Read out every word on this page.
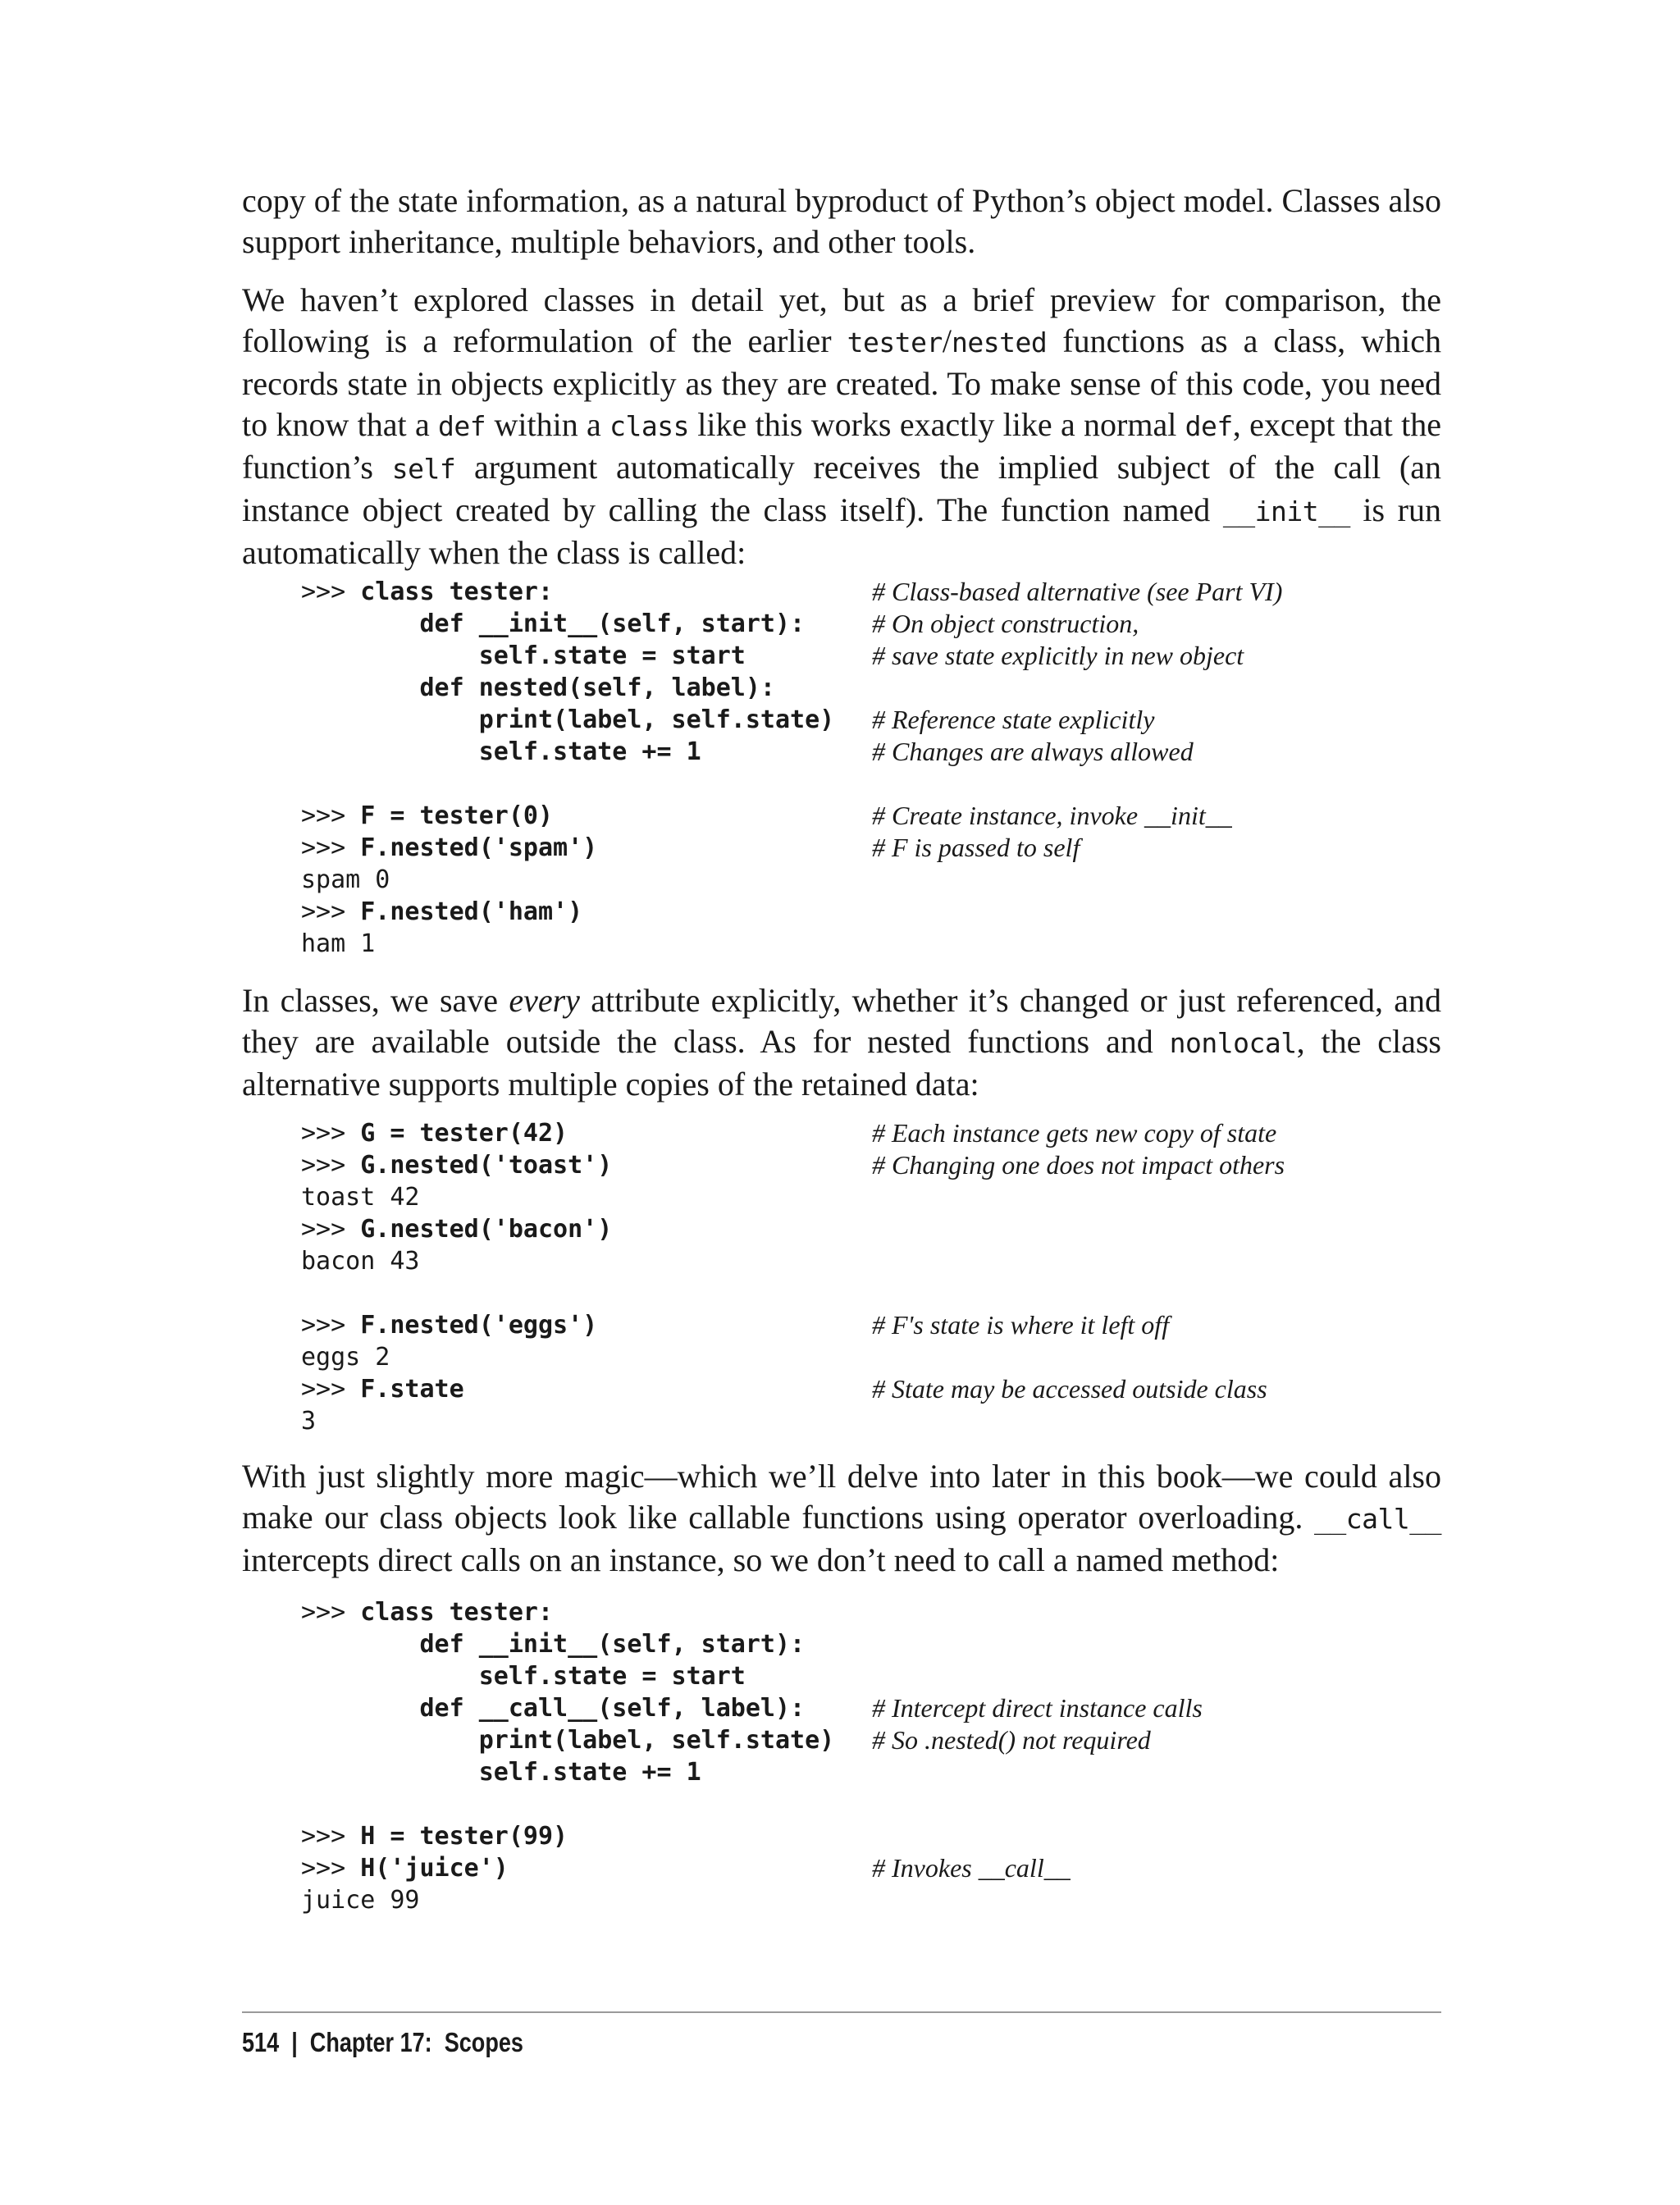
copy of the state information, as a natural byproduct of Python’s object model. Classes also support inheritance, multiple behaviors, and other tools.

We haven’t explored classes in detail yet, but as a brief preview for comparison, the following is a reformulation of the earlier tester/nested functions as a class, which records state in objects explicitly as they are created. To make sense of this code, you need to know that a def within a class like this works exactly like a normal def, except that the function’s self argument automatically receives the implied subject of the call (an instance object created by calling the class itself). The function named __init__ is run automatically when the class is called:

>>> class tester:	# Class-based alternative (see Part VI)
def __init__(self, start):	# On object construction,
self.state = start	# save state explicitly in new object
def nested(self, label):
print(label, self.state) # Reference state explicitly
self.state += 1	# Changes are always allowed
>>> F = tester(0)	# Create instance, invoke __init__
>>> F.nested('spam')	# F is passed to self
spam 0
>>> F.nested('ham')
ham 1

In classes, we save every attribute explicitly, whether it’s changed or just referenced, and they are available outside the class. As for nested functions and nonlocal, the class alternative supports multiple copies of the retained data:

>>> G = tester(42)	# Each instance gets new copy of state
>>> G.nested('toast')	# Changing one does not impact others
toast 42
>>> G.nested('bacon')
bacon 43
>>> F.nested('eggs')	# F's state is where it left off
eggs 2
>>> F.state	# State may be accessed outside class
3

With just slightly more magic—which we’ll delve into later in this book—we could also make our class objects look like callable functions using operator overloading. __call__ intercepts direct calls on an instance, so we don’t need to call a named method:

>>> class tester:
def __init__(self, start):
self.state = start
def __call__(self, label):	# Intercept direct instance calls
print(label, self.state) # So .nested() not required
self.state += 1
>>> H = tester(99)
>>> H('juice')	# Invokes __call__
juice 99
514 | Chapter 17:  Scopes
